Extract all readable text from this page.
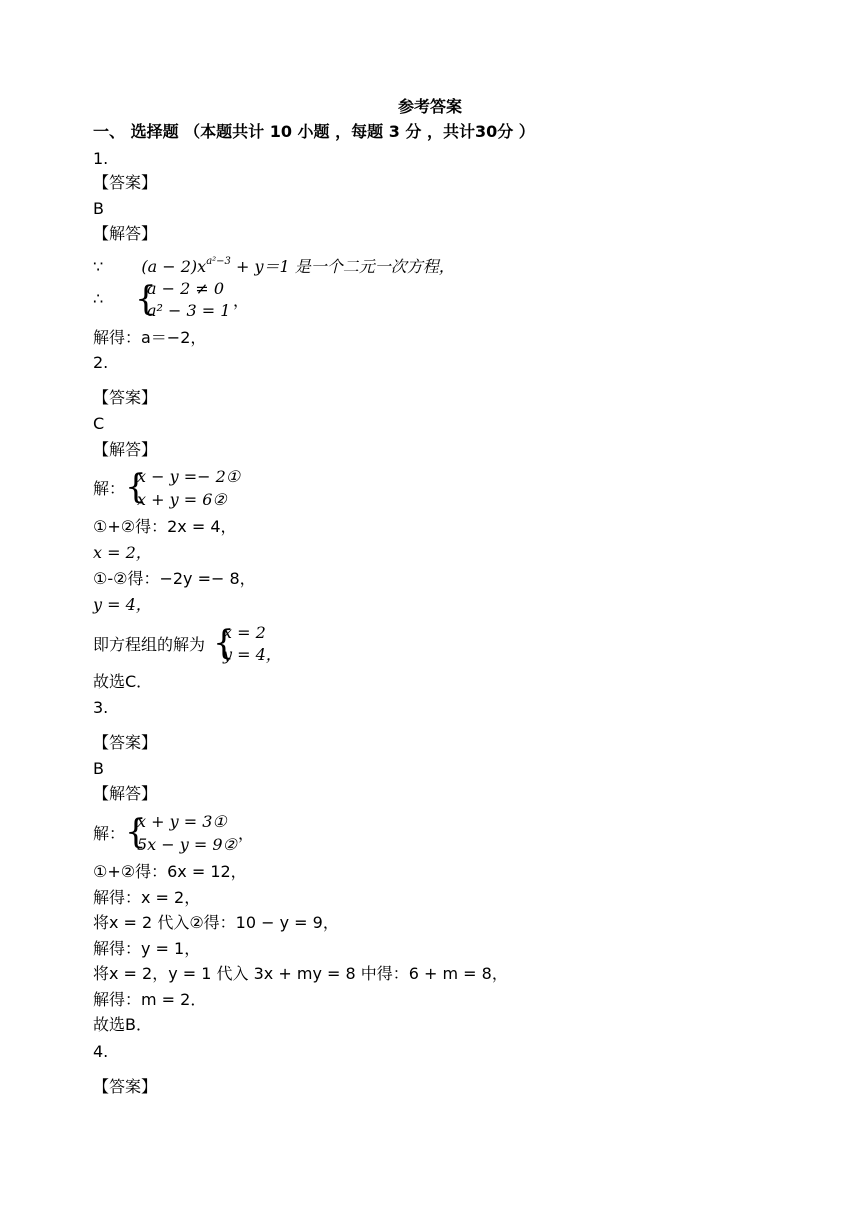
参考答案
一、 选择题 （本题共计 10 小题 ，每题 3 分 ，共计30分 ）
1.
【答案】
B
【解答】
∵ $(a - 2)x^{a^2-3} + y=1$ 是一个二元一次方程，
∴ {
a − 2 ≠ 0
a² − 3 = 1
，
解得：a＝−2，
2.
【答案】
C
【解答】
解： {
x − y =− 2①
x + y = 6②
①+②得：2x = 4，
x = 2，
①-②得：−2y =− 8，
y = 4，
即方程组的解为 {
x = 2
y = 4，
故选C．
3.
【答案】
B
【解答】
解： {
x + y = 3①
5x − y = 9②
，
①+②得：6x = 12，
解得：x = 2，
将x = 2 代入②得：10 − y = 9，
解得：y = 1，
将x = 2，y = 1 代入 3x + my = 8 中得：6 + m = 8，
解得：m = 2．
故选B．
4.
【答案】
